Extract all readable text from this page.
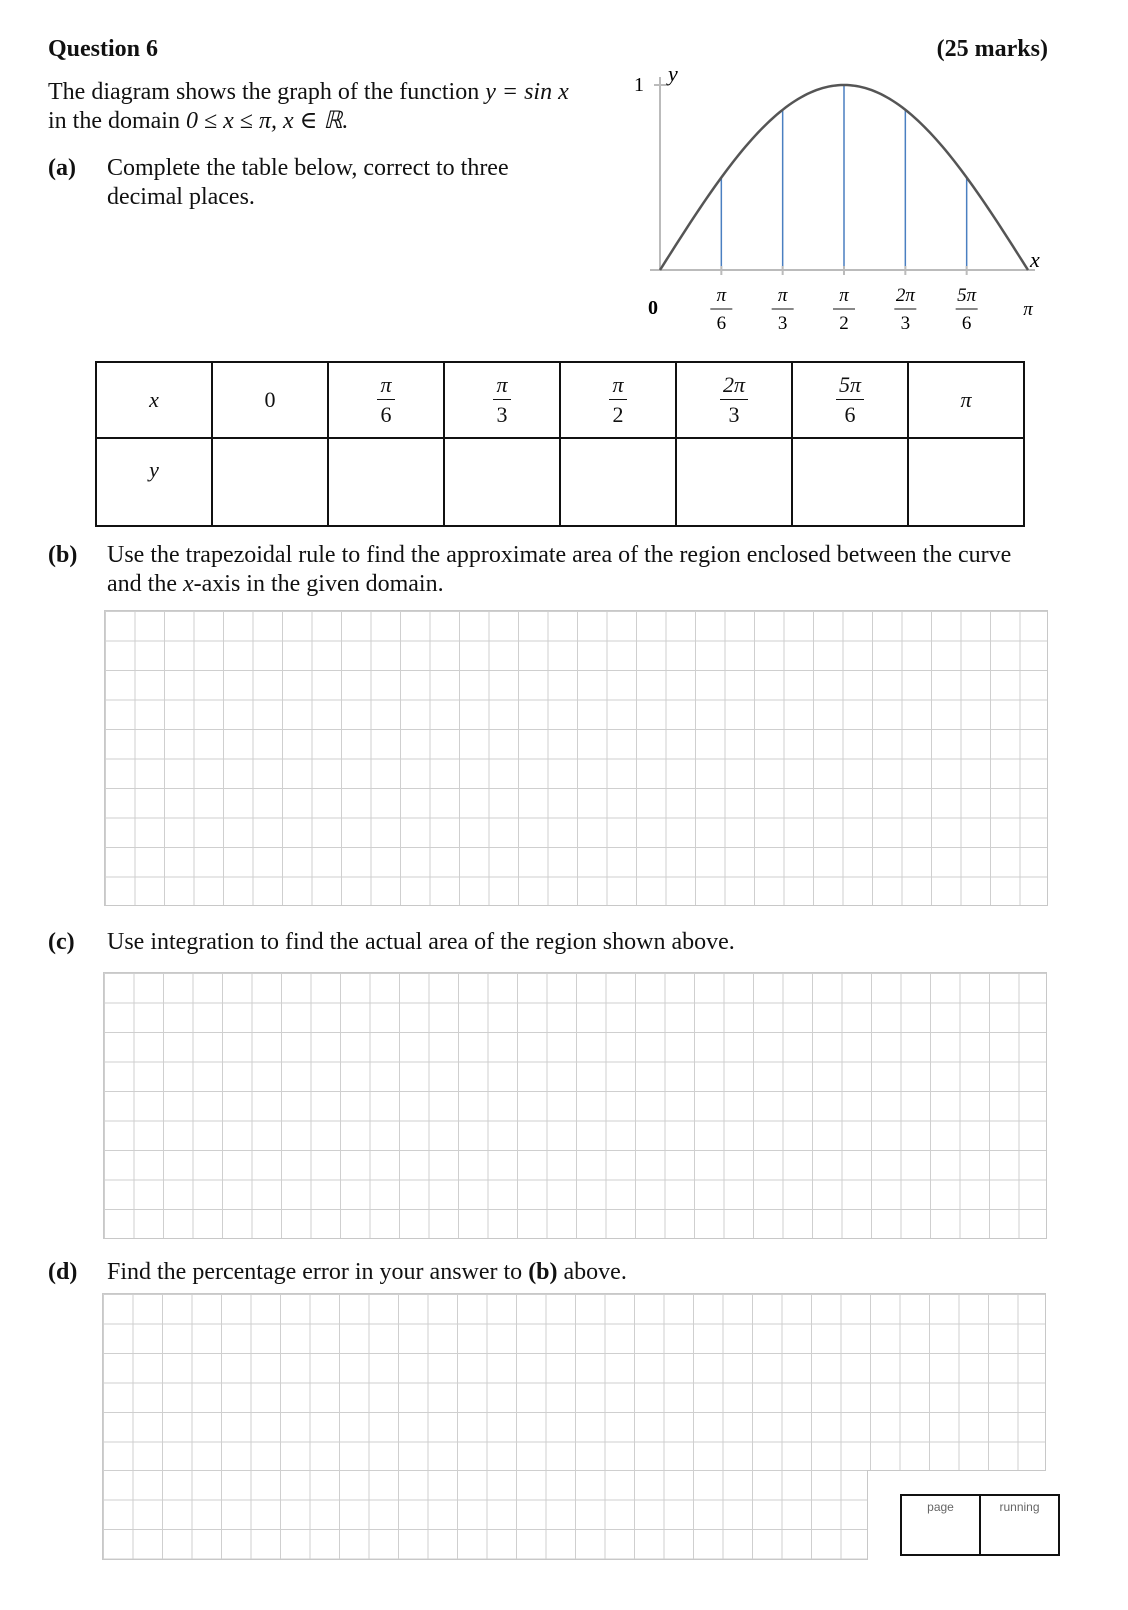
Question 6	(25 marks)
The diagram shows the graph of the function y = sin x
in the domain 0 ≤ x ≤ π, x ∈ ℝ.
(a) Complete the table below, correct to three
decimal places.
1 y
x
0
π
6
π
3
π
2
2π
3
5π
6
π
x	0	$\frac{\pi}{6}$	$\frac{\pi}{3}$	$\frac{\pi}{2}$	$\frac{2\pi}{3}$	$\frac{5\pi}{6}$	π
y							
(b) Use the trapezoidal rule to find the approximate area of the region enclosed between the curve
and the x-axis in the given domain.
(c) Use integration to find the actual area of the region shown above.
(d) Find the percentage error in your answer to (b) above.
page	running
